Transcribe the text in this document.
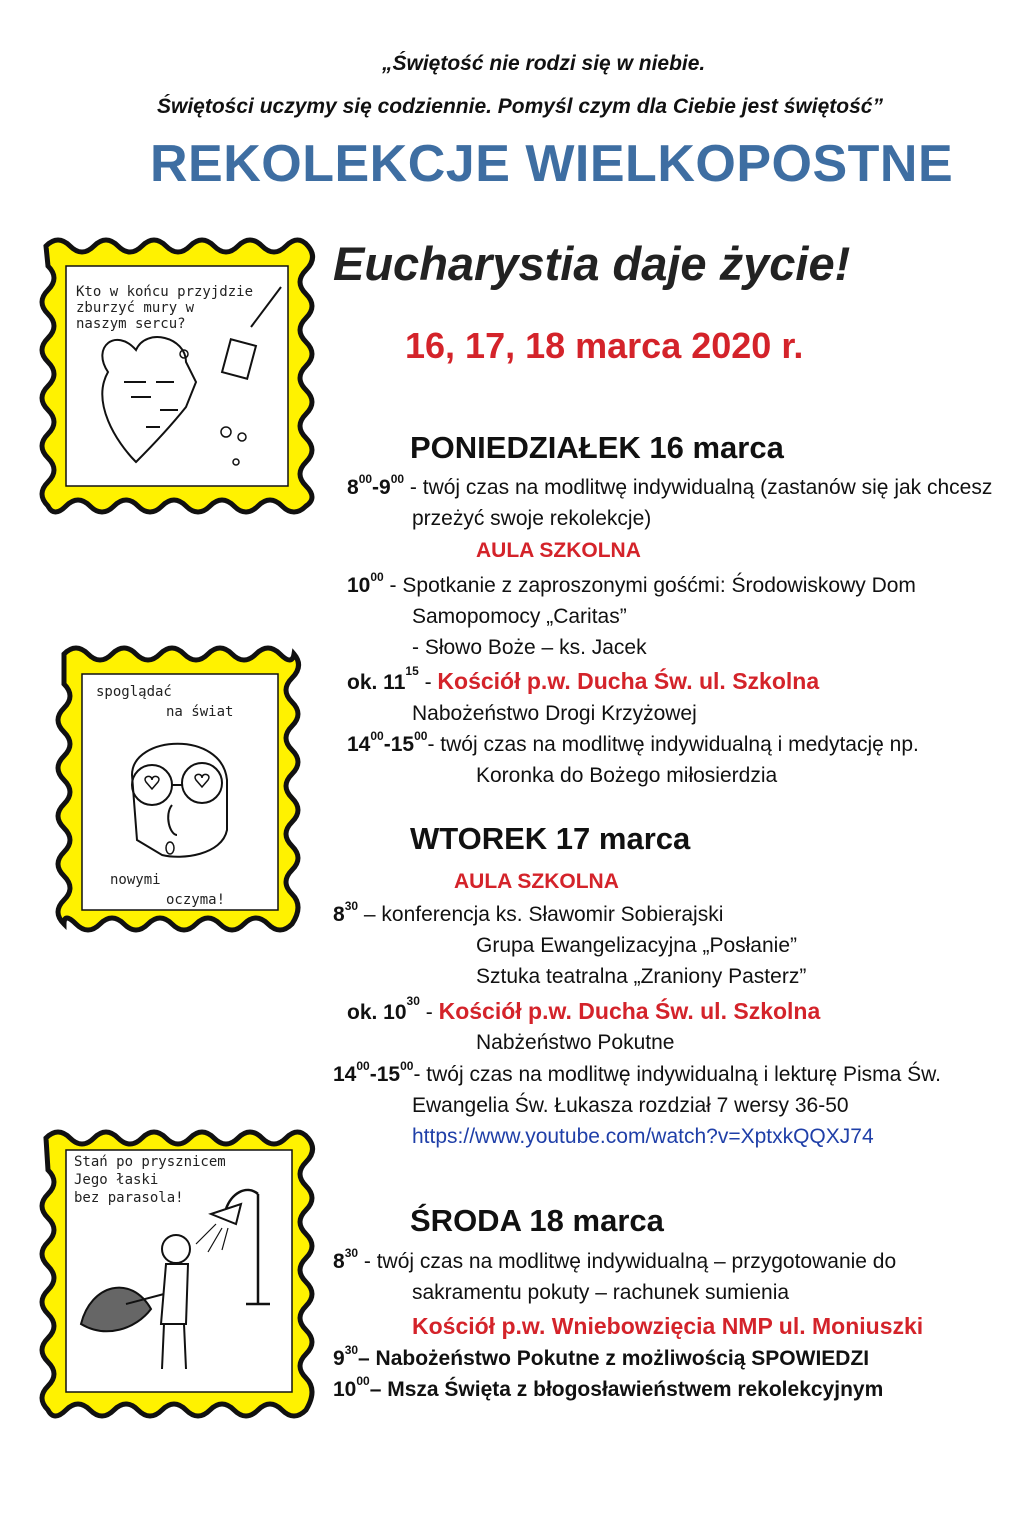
„Świętość nie rodzi się w niebie.
Świętości uczymy się codziennie. Pomyśl czym dla Ciebie jest świętość”
REKOLEKCJE WIELKOPOSTNE
Eucharystia daje życie!
16, 17, 18 marca 2020 r.
Kto w końcu przyjdzie
zburzyć mury w
naszym sercu?
spoglądać
na świat
nowymi
oczyma!
Stań po prysznicem
Jego łaski
bez parasola!
PONIEDZIAŁEK 16 marca
$8^{00}-9^{00}$ - twój czas na modlitwę indywidualną (zastanów się jak chcesz
przeżyć swoje rekolekcje)
AULA SZKOLNA
$10^{00}$ - Spotkanie z zaproszonymi gośćmi: Środowiskowy Dom
Samopomocy „Caritas”
- Słowo Boże – ks. Jacek
ok. $11^{15}$ - Kościół p.w. Ducha Św. ul. Szkolna
Nabożeństwo Drogi Krzyżowej
$14^{00}-15^{00}-$ twój czas na modlitwę indywidualną i medytację np.
Koronka do Bożego miłosierdzia
WTOREK 17 marca
AULA SZKOLNA
$8^{30}$ – konferencja ks. Sławomir Sobierajski
Grupa Ewangelizacyjna „Posłanie”
Sztuka teatralna „Zraniony Pasterz”
ok. $10^{30}$ - Kościół p.w. Ducha Św. ul. Szkolna
Nabżeństwo Pokutne
$14^{00}-15^{00}-$ twój czas na modlitwę indywidualną i lekturę Pisma Św.
Ewangelia Św. Łukasza rozdział 7 wersy 36-50
https://www.youtube.com/watch?v=XptxkQQXJ74
ŚRODA 18 marca
$8^{30}$ - twój czas na modlitwę indywidualną – przygotowanie do
sakramentu pokuty – rachunek sumienia
Kościół p.w. Wniebowzięcia NMP ul. Moniuszki
$9^{30}-$ Nabożeństwo Pokutne z możliwością SPOWIEDZI
$10^{00}-$ Msza Święta z błogosławieństwem rekolekcyjnym
